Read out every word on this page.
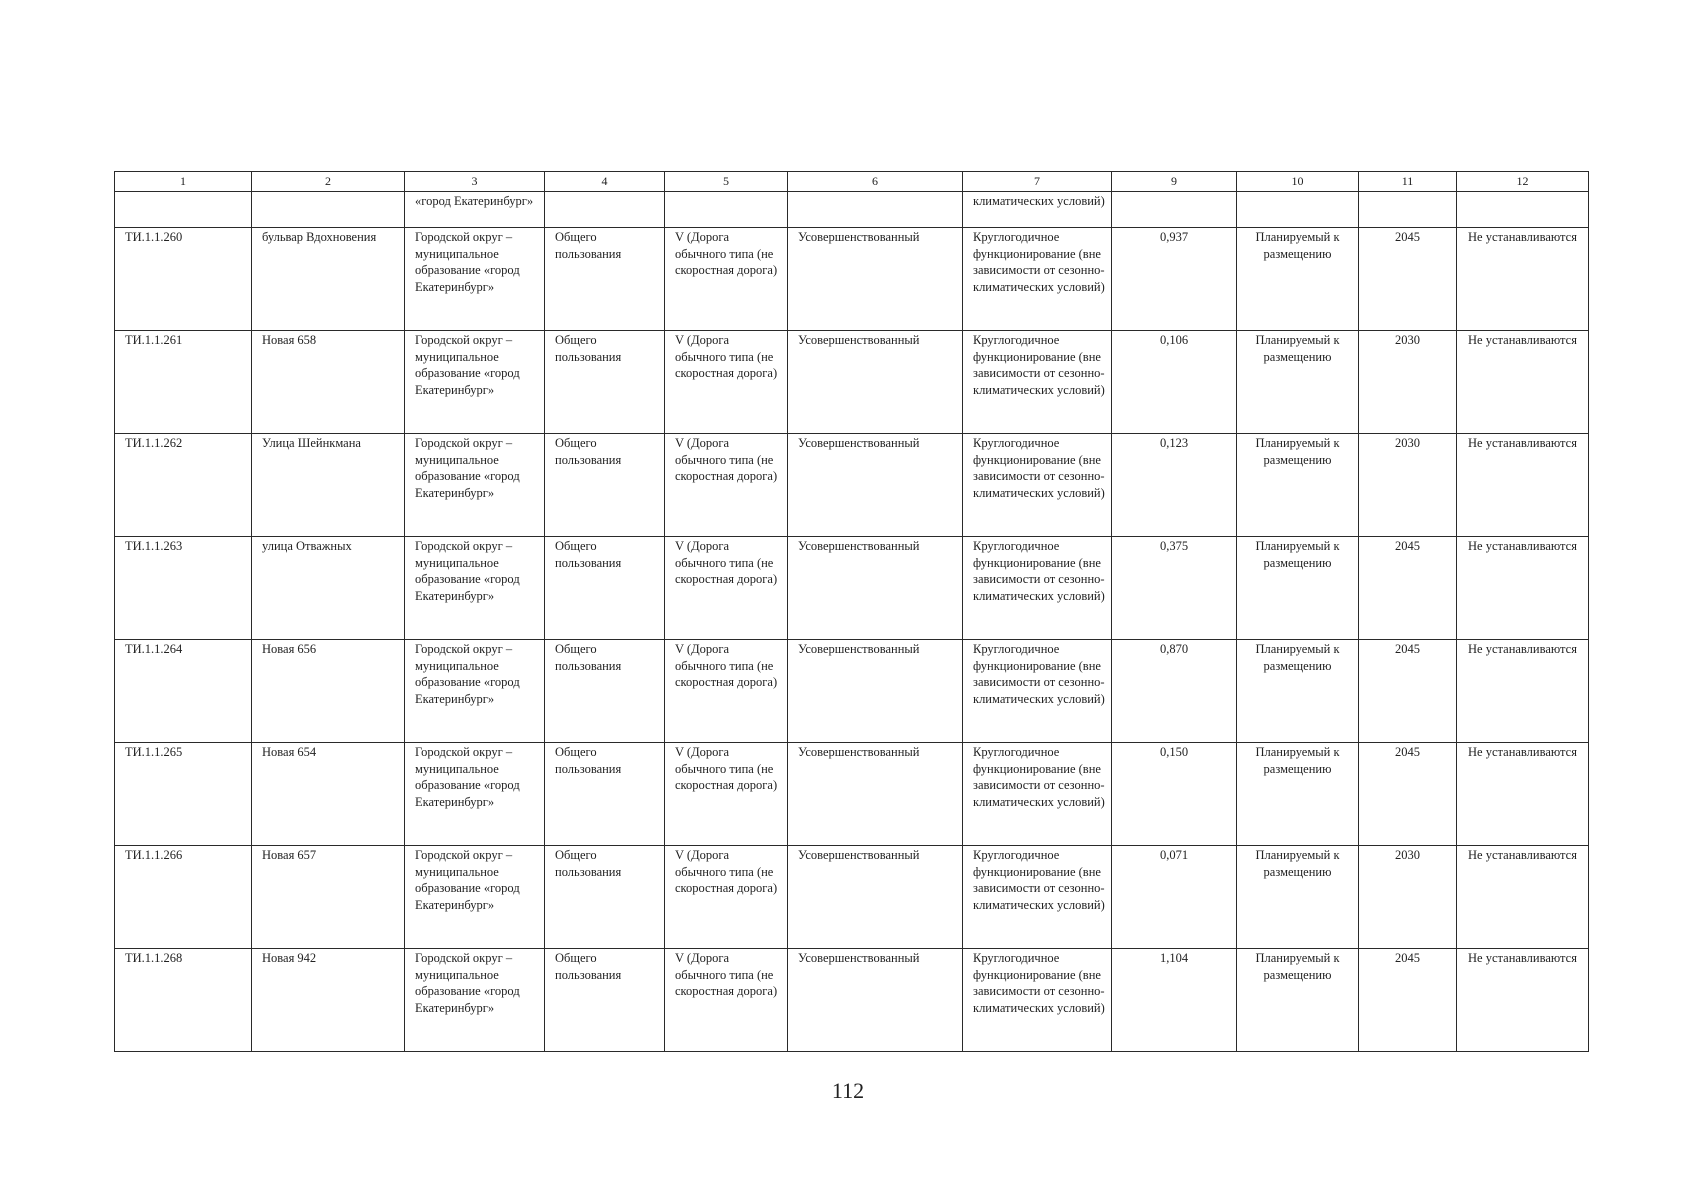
1	2	3	4	5	6	7	9	10	11	12
		«город Екатеринбург»				климатических условий)				
ТИ.1.1.260	бульвар Вдохновения	Городской округ – муниципальное образование «город Екатеринбург»	Общего пользования	V (Дорога обычного типа (не скоростная дорога)	Усовершенствованный	Круглогодичное функционирование (вне зависимости от сезонно-климатических условий)	0,937	Планируемый к размещению	2045	Не устанавливаются
ТИ.1.1.261	Новая 658	Городской округ – муниципальное образование «город Екатеринбург»	Общего пользования	V (Дорога обычного типа (не скоростная дорога)	Усовершенствованный	Круглогодичное функционирование (вне зависимости от сезонно-климатических условий)	0,106	Планируемый к размещению	2030	Не устанавливаются
ТИ.1.1.262	Улица Шейнкмана	Городской округ – муниципальное образование «город Екатеринбург»	Общего пользования	V (Дорога обычного типа (не скоростная дорога)	Усовершенствованный	Круглогодичное функционирование (вне зависимости от сезонно-климатических условий)	0,123	Планируемый к размещению	2030	Не устанавливаются
ТИ.1.1.263	улица Отважных	Городской округ – муниципальное образование «город Екатеринбург»	Общего пользования	V (Дорога обычного типа (не скоростная дорога)	Усовершенствованный	Круглогодичное функционирование (вне зависимости от сезонно-климатических условий)	0,375	Планируемый к размещению	2045	Не устанавливаются
ТИ.1.1.264	Новая 656	Городской округ – муниципальное образование «город Екатеринбург»	Общего пользования	V (Дорога обычного типа (не скоростная дорога)	Усовершенствованный	Круглогодичное функционирование (вне зависимости от сезонно-климатических условий)	0,870	Планируемый к размещению	2045	Не устанавливаются
ТИ.1.1.265	Новая 654	Городской округ – муниципальное образование «город Екатеринбург»	Общего пользования	V (Дорога обычного типа (не скоростная дорога)	Усовершенствованный	Круглогодичное функционирование (вне зависимости от сезонно-климатических условий)	0,150	Планируемый к размещению	2045	Не устанавливаются
ТИ.1.1.266	Новая 657	Городской округ – муниципальное образование «город Екатеринбург»	Общего пользования	V (Дорога обычного типа (не скоростная дорога)	Усовершенствованный	Круглогодичное функционирование (вне зависимости от сезонно-климатических условий)	0,071	Планируемый к размещению	2030	Не устанавливаются
ТИ.1.1.268	Новая 942	Городской округ – муниципальное образование «город Екатеринбург»	Общего пользования	V (Дорога обычного типа (не скоростная дорога)	Усовершенствованный	Круглогодичное функционирование (вне зависимости от сезонно-климатических условий)	1,104	Планируемый к размещению	2045	Не устанавливаются
112
